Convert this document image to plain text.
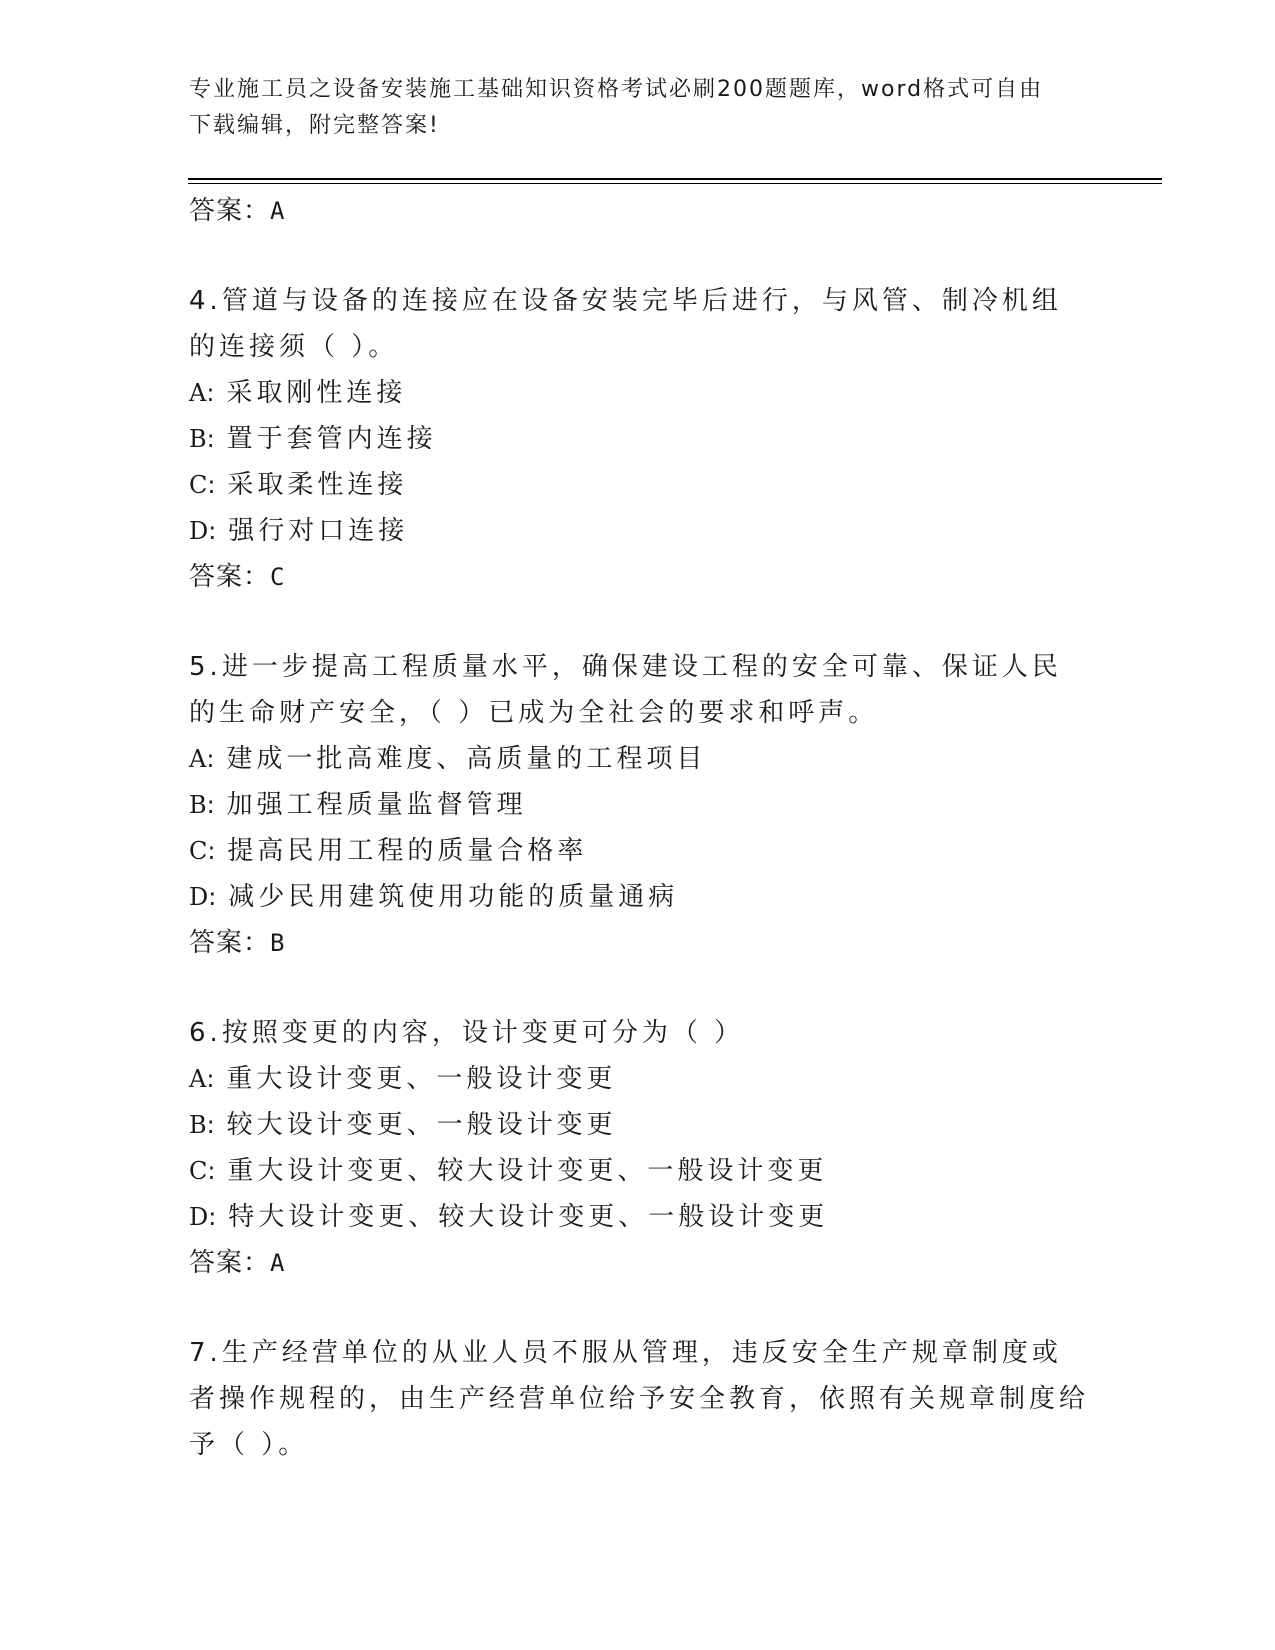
专业施工员之设备安装施工基础知识资格考试必刷200题题库，word格式可自由
下载编辑，附完整答案!
答案：A

4.管道与设备的连接应在设备安装完毕后进行，与风管、制冷机组的连接须（ ）。

A: 采取刚性连接
B: 置于套管内连接
C: 采取柔性连接
D: 强行对口连接
答案：C

5.进一步提高工程质量水平，确保建设工程的安全可靠、保证人民的生命财产安全，（ ）已成为全社会的要求和呼声。

A: 建成一批高难度、高质量的工程项目
B: 加强工程质量监督管理
C: 提高民用工程的质量合格率
D: 减少民用建筑使用功能的质量通病
答案：B

6.按照变更的内容，设计变更可分为（ ）

A: 重大设计变更、一般设计变更
B: 较大设计变更、一般设计变更
C: 重大设计变更、较大设计变更、一般设计变更
D: 特大设计变更、较大设计变更、一般设计变更
答案：A

7.生产经营单位的从业人员不服从管理，违反安全生产规章制度或者操作规程的，由生产经营单位给予安全教育，依照有关规章制度给予（ ）。
